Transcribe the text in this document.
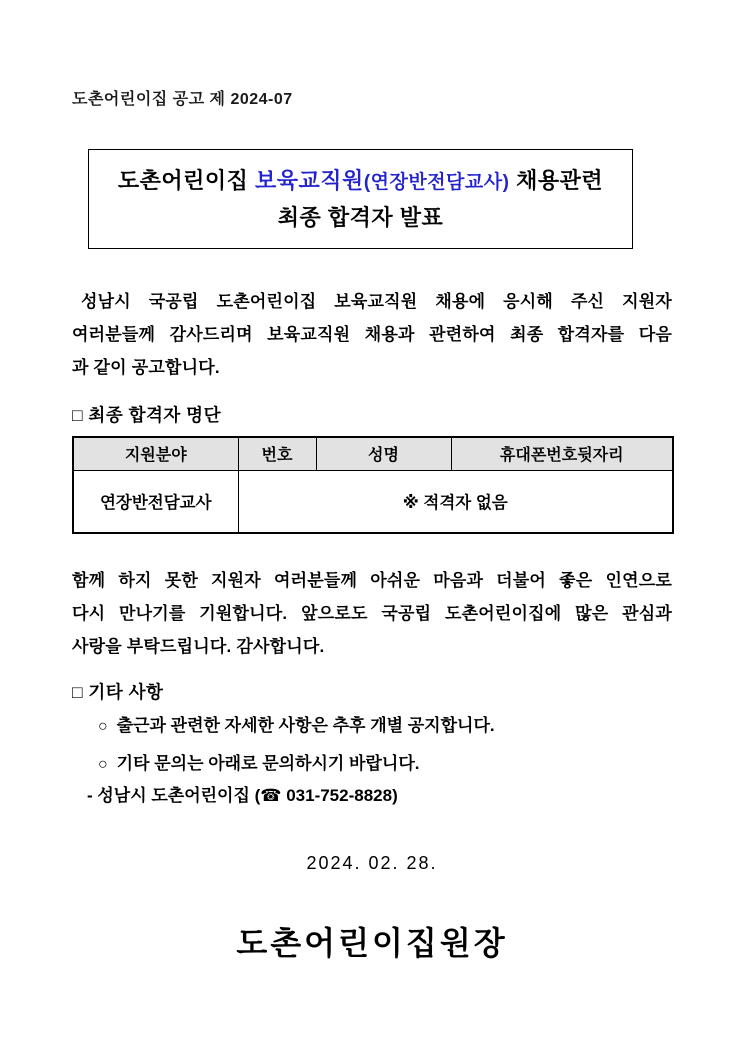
도촌어린이집 공고 제 2024-07
도촌어린이집 보육교직원(연장반전담교사) 채용관련
최종 합격자 발표
성남시 국공립 도촌어린이집 보육교직원 채용에 응시해 주신 지원자
여러분들께 감사드리며 보육교직원 채용과 관련하여 최종 합격자를 다음
과 같이 공고합니다.
□ 최종 합격자 명단
지원분야	번호	성명	휴대폰번호뒷자리
연장반전담교사	※ 적격자 없음		
함께 하지 못한 지원자 여러분들께 아쉬운 마음과 더불어 좋은 인연으로
다시 만나기를 기원합니다. 앞으로도 국공립 도촌어린이집에 많은 관심과
사랑을 부탁드립니다. 감사합니다.
□ 기타 사항
○ 출근과 관련한 자세한 사항은 추후 개별 공지합니다.
○ 기타 문의는 아래로 문의하시기 바랍니다.
- 성남시 도촌어린이집 (☎ 031-752-8828)
2024. 02. 28.
도촌어린이집원장
